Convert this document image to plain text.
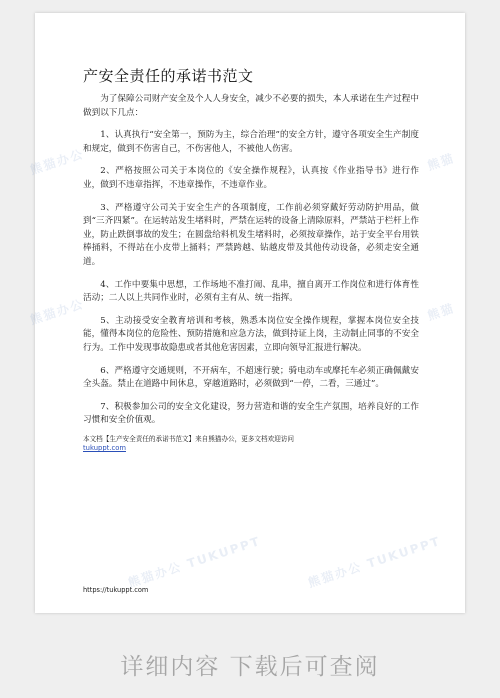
熊猫办公	熊猫
熊猫办公	熊猫
熊猫办公 TUKUPPT	熊猫办公 TUKUPPT
产安全责任的承诺书范文

为了保障公司财产安全及个人人身安全，减少不必要的损失，本人承诺在生产过程中做到以下几点：

1、认真执行“安全第一，预防为主，综合治理”的安全方针，遵守各项安全生产制度和规定，做到不伤害自己，不伤害他人，不被他人伤害。

2、严格按照公司关于本岗位的《安全操作规程》，认真按《作业指导书》进行作业，做到不违章指挥，不违章操作，不违章作业。

3、严格遵守公司关于安全生产的各项制度，工作前必须穿戴好劳动防护用品，做到“三齐四紧”。在运转站发生堵料时，严禁在运转的设备上清除原料，严禁站于栏杆上作业，防止跌倒事故的发生；在圆盘给料机发生堵料时，必须按章操作，站于安全平台用铁棒捅料，不得站在小皮带上捅料；严禁跨越、钻越皮带及其他传动设备，必须走安全通道。

4、工作中要集中思想，工作场地不准打闹、乱串，擅自离开工作岗位和进行体育性活动；二人以上共同作业时，必须有主有从、统一指挥。

5、主动接受安全教育培训和考核，熟悉本岗位安全操作规程，掌握本岗位安全技能，懂得本岗位的危险性、预防措施和应急方法，做到持证上岗，主动制止同事的不安全行为。工作中发现事故隐患或者其他危害因素，立即向领导汇报进行解决。

6、严格遵守交通规则，不开病车，不超速行驶；骑电动车或摩托车必须正确佩戴安全头盔。禁止在道路中间休息，穿越道路时，必须做到“一停，二看，三通过”。

7、积极参加公司的安全文化建设，努力营造和谐的安全生产氛围，培养良好的工作习惯和安全价值观。

本文档【生产安全责任的承诺书范文】来自熊猫办公，更多文档欢迎访问
tukuppt.com
https://tukuppt.com
详细内容 下载后可查阅
